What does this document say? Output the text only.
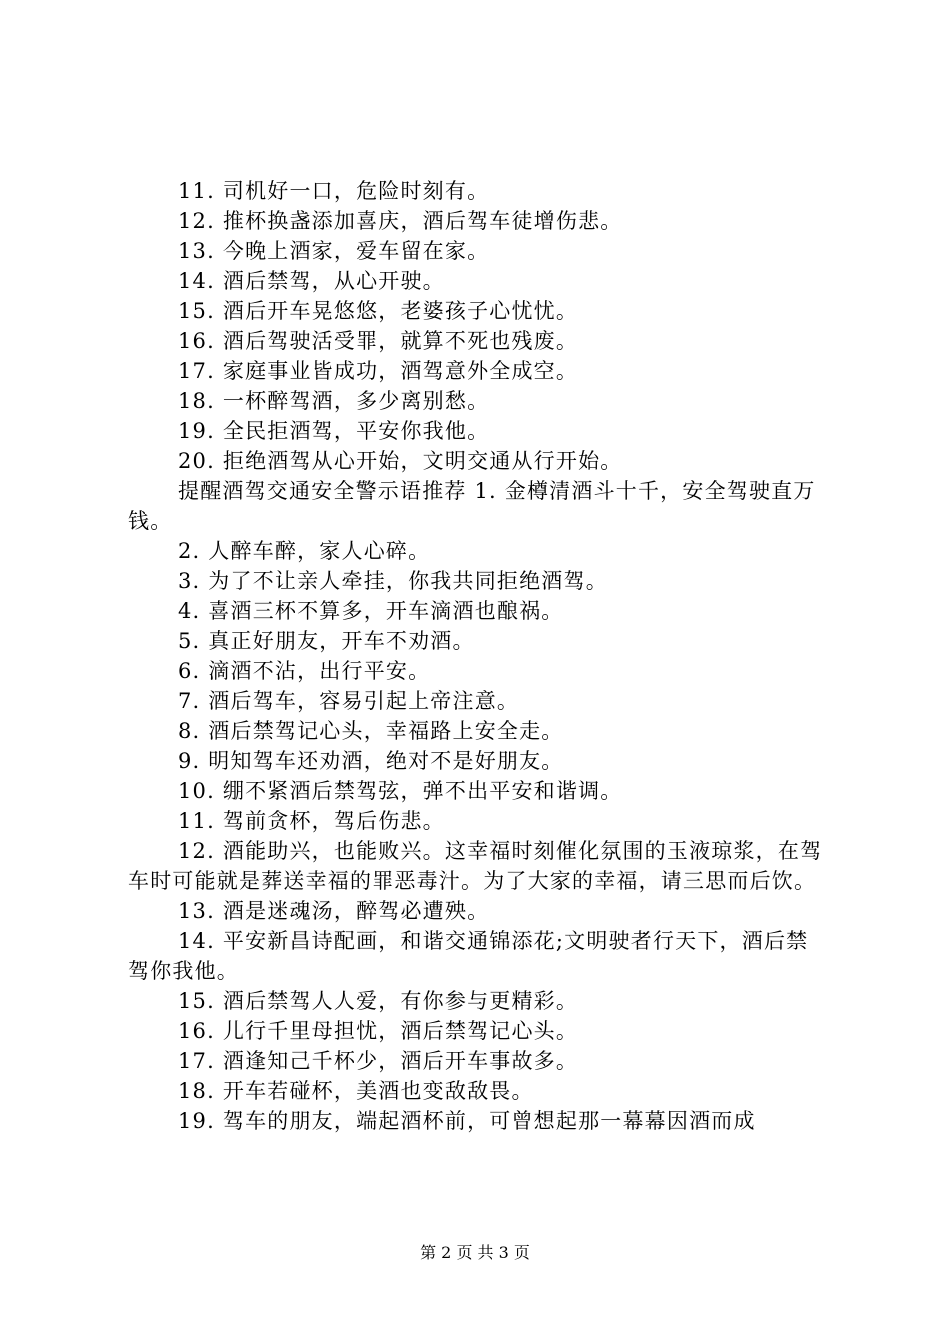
11. 司机好一口，危险时刻有。

12. 推杯换盏添加喜庆，酒后驾车徒增伤悲。

13. 今晚上酒家，爱车留在家。

14. 酒后禁驾，从心开驶。

15. 酒后开车晃悠悠，老婆孩子心忧忧。

16. 酒后驾驶活受罪，就算不死也残废。

17. 家庭事业皆成功，酒驾意外全成空。

18. 一杯醉驾酒，多少离别愁。

19. 全民拒酒驾，平安你我他。

20. 拒绝酒驾从心开始，文明交通从行开始。

提醒酒驾交通安全警示语推荐 1. 金樽清酒斗十千，安全驾驶直万钱。

2. 人醉车醉，家人心碎。

3. 为了不让亲人牵挂，你我共同拒绝酒驾。

4. 喜酒三杯不算多，开车滴酒也酿祸。

5. 真正好朋友，开车不劝酒。

6. 滴酒不沾，出行平安。

7. 酒后驾车，容易引起上帝注意。

8. 酒后禁驾记心头，幸福路上安全走。

9. 明知驾车还劝酒，绝对不是好朋友。

10. 绷不紧酒后禁驾弦，弹不出平安和谐调。

11. 驾前贪杯，驾后伤悲。

12. 酒能助兴，也能败兴。这幸福时刻催化氛围的玉液琼浆，在驾车时可能就是葬送幸福的罪恶毒汁。为了大家的幸福，请三思而后饮。

13. 酒是迷魂汤，醉驾必遭殃。

14. 平安新昌诗配画，和谐交通锦添花;文明驶者行天下，酒后禁驾你我他。

15. 酒后禁驾人人爱，有你参与更精彩。

16. 儿行千里母担忧，酒后禁驾记心头。

17. 酒逢知己千杯少，酒后开车事故多。

18. 开车若碰杯，美酒也变敌敌畏。

19. 驾车的朋友，端起酒杯前，可曾想起那一幕幕因酒而成

第 2 页 共 3 页
